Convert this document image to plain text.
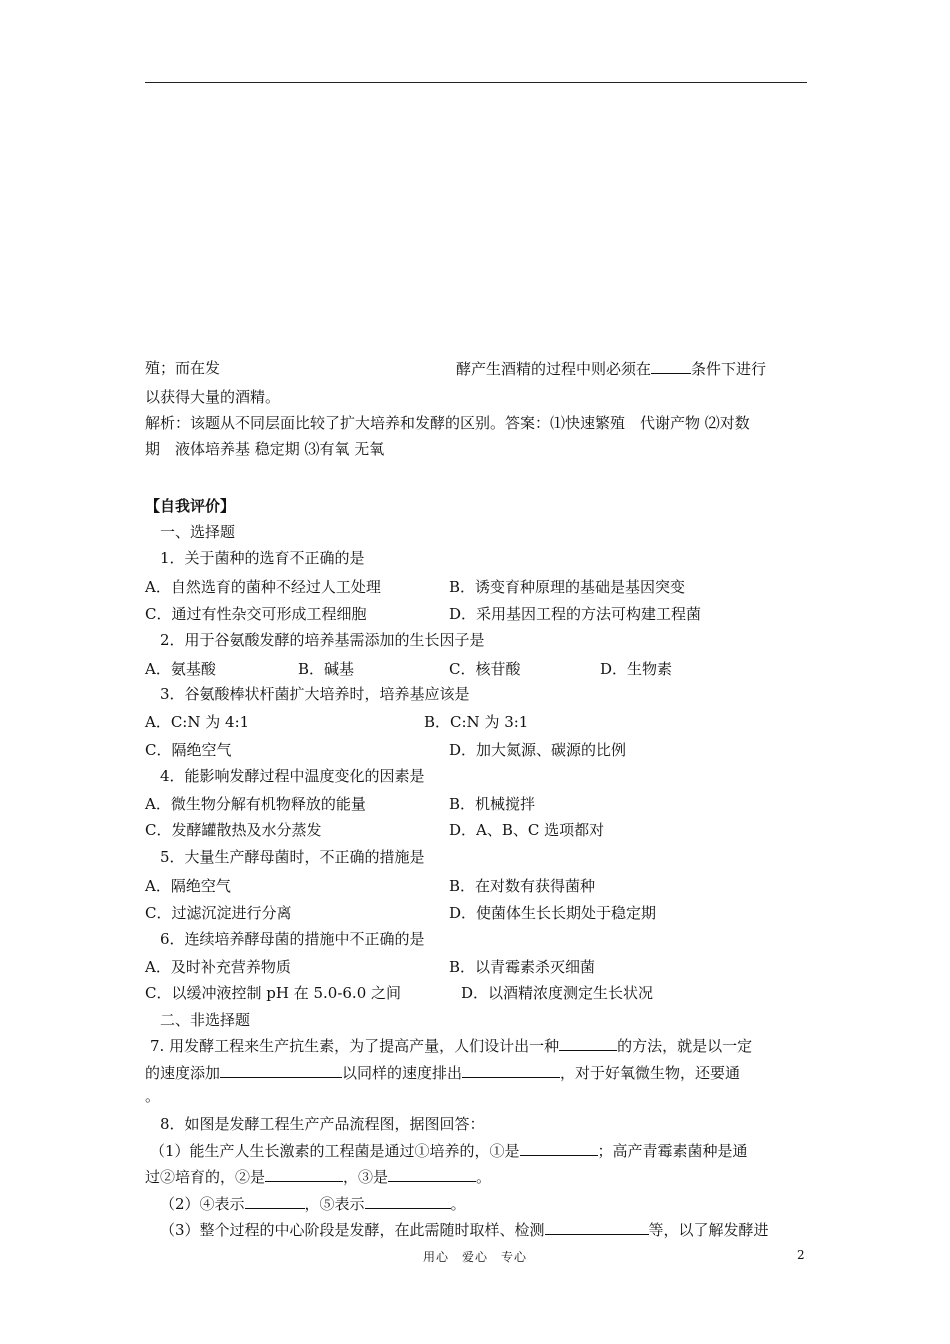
殖；而在发	酵产生酒精的过程中则必须在	条件下进行
以获得大量的酒精。
解析：该题从不同层面比较了扩大培养和发酵的区别。答案：⑴快速繁殖　代谢产物 ⑵对数
期　液体培养基 稳定期 ⑶有氧 无氧
【自我评价】
一、选择题
1．关于菌种的选育不正确的是
A．自然选育的菌种不经过人工处理	B．诱变育种原理的基础是基因突变
C．通过有性杂交可形成工程细胞	D．采用基因工程的方法可构建工程菌
2．用于谷氨酸发酵的培养基需添加的生长因子是
A．氨基酸	B．碱基	C．核苷酸	D．生物素
3．谷氨酸棒状杆菌扩大培养时，培养基应该是
A．C:N 为 4:1	B．C:N 为 3:1
C．隔绝空气	D．加大氮源、碳源的比例
4．能影响发酵过程中温度变化的因素是
A．微生物分解有机物释放的能量	B．机械搅拌
C．发酵罐散热及水分蒸发	D．A、B、C 选项都对
5．大量生产酵母菌时，不正确的措施是
A．隔绝空气	B．在对数有获得菌种
C．过滤沉淀进行分离	D．使菌体生长长期处于稳定期
6．连续培养酵母菌的措施中不正确的是
A．及时补充营养物质	B．以青霉素杀灭细菌
C．以缓冲液控制 pH 在 5.0-6.0 之间	D．以酒精浓度测定生长状况
二、非选择题
7. 用发酵工程来生产抗生素，为了提高产量，人们设计出一种	的方法，就是以一定
的速度添加	以同样的速度排出	，对于好氧微生物，还要通
。
8．如图是发酵工程生产产品流程图，据图回答：
（1）能生产人生长激素的工程菌是通过①培养的，①是	；高产青霉素菌种是通
过②培育的，②是	，③是	。
（2）④表示	，⑤表示	。
（3）整个过程的中心阶段是发酵，在此需随时取样、检测	等，以了解发酵进
用心　爱心　专心	2
